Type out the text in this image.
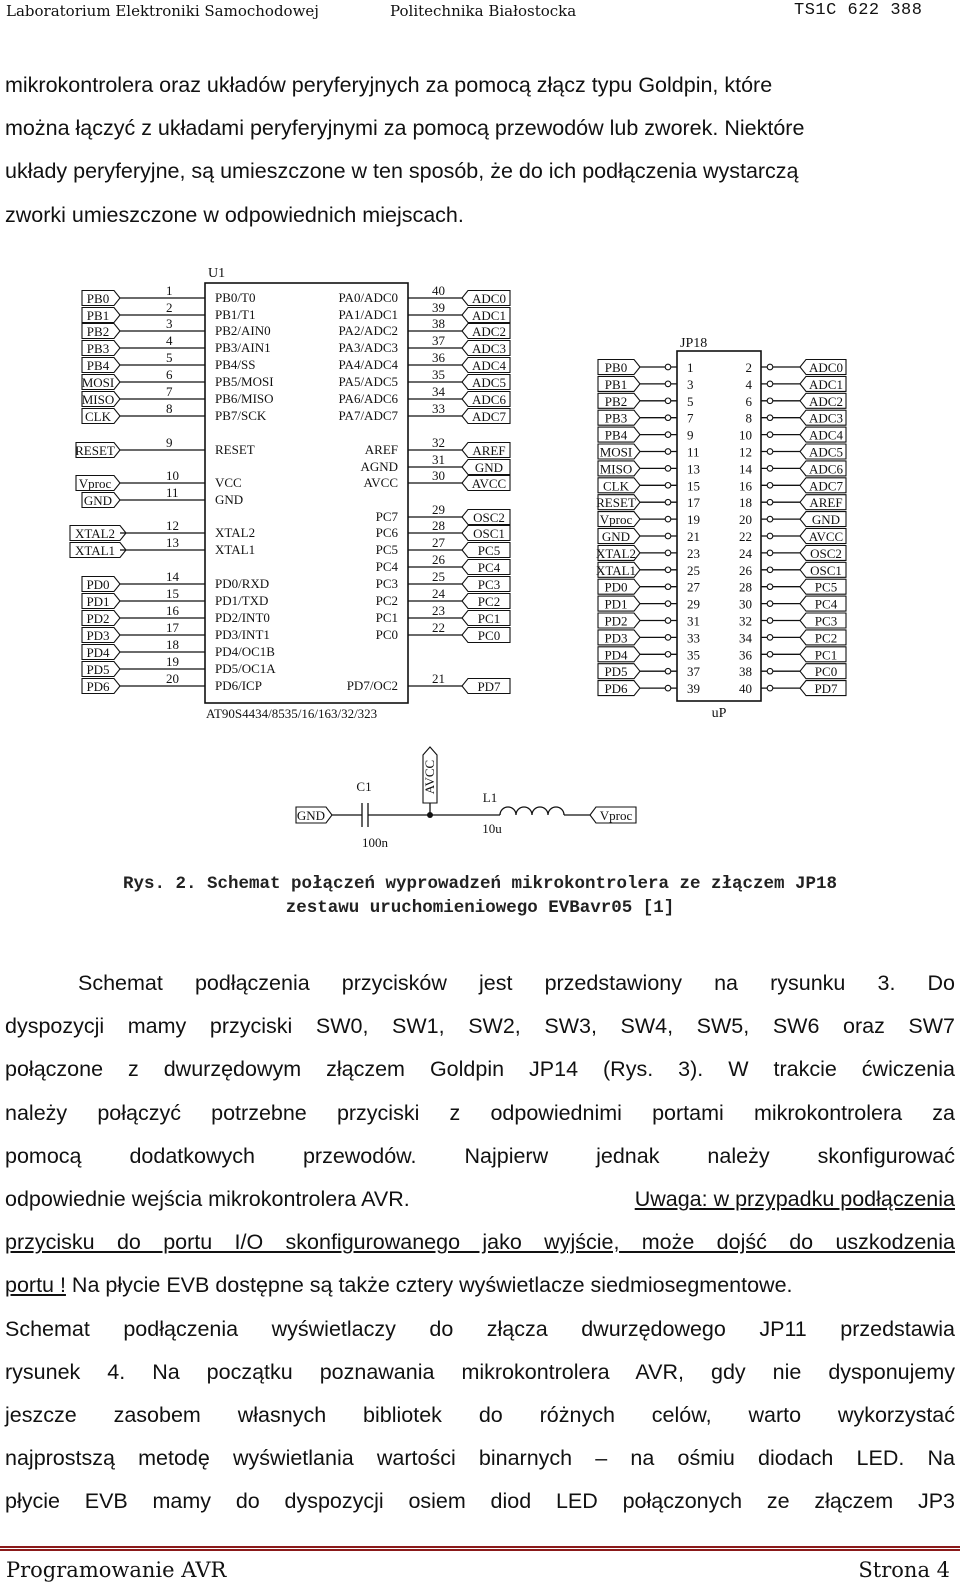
Laboratorium Elektroniki Samochodowej	Politechnika Białostocka	TS1C 622 388
mikrokontrolera oraz układów peryferyjnych za pomocą złącz typu Goldpin, które
można łączyć z układami peryferyjnymi za pomocą przewodów lub zworek. Niektóre
układy peryferyjne, są umieszczone w ten sposób, że do ich podłączenia wystarczą
zworki umieszczone w odpowiednich miejscach.
U1
AT90S4434/8535/16/163/32/323
1	PB0/T0
PB0
2	PB1/T1
PB1
3	PB2/AIN0
PB2
4	PB3/AIN1
PB3
5	PB4/SS
PB4
6	PB5/MOSI
MOSI
7	PB6/MISO
MISO
8	PB7/SCK
CLK
9	RESET
RESET
10	VCC
Vproc
11	GND
GND
12	XTAL2
XTAL2
13	XTAL1
XTAL1
14	PD0/RXD
PD0
15	PD1/TXD
PD1
16	PD2/INT0
PD2
17	PD3/INT1
PD3
18	PD4/OC1B
PD4
19	PD5/OC1A
PD5
20	PD6/ICP
PD6
40
PA0/ADC0	ADC0
39
PA1/ADC1	ADC1
38
PA2/ADC2	ADC2
37
PA3/ADC3	ADC3
36
PA4/ADC4	ADC4
35
PA5/ADC5	ADC5
34
PA6/ADC6	ADC6
33
PA7/ADC7	ADC7
32
AREF	AREF
31
AGND	GND
30
AVCC	AVCC
29
PC7	OSC2
28
PC6	OSC1
27
PC5	PC5
26
PC4	PC4
25
PC3	PC3
24
PC2	PC2
23
PC1	PC1
22
PC0	PC0
21
PD7/OC2	PD7
JP18
uP
PB0	1	2	ADC0
PB1	3	4	ADC1
PB2	5	6	ADC2
PB3	7	8	ADC3
PB4	9	10	ADC4
MOSI	11	12	ADC5
MISO	13	14	ADC6
CLK	15	16	ADC7
RESET	17	18	AREF
Vproc	19	20	GND
GND	21	22	AVCC
XTAL2	23	24	OSC2
XTAL1	25	26	OSC1
PD0	27	28	PC5
PD1	29	30	PC4
PD2	31	32	PC3
PD3	33	34	PC2
PD4	35	36	PC1
PD5	37	38	PC0
PD6	39	40	PD7
GND
C1
100n
AVCC
L1
10u
Vproc
Rys. 2. Schemat połączeń wyprowadzeń mikrokontrolera ze złączem JP18
zestawu uruchomieniowego EVBavr05 [1]
Schemat podłączenia przycisków jest przedstawiony na rysunku 3. Do
dyspozycji mamy przyciski SW0, SW1, SW2, SW3, SW4, SW5, SW6 oraz SW7
połączone z dwurzędowym złączem Goldpin JP14 (Rys. 3). W trakcie ćwiczenia
należy połączyć potrzebne przyciski z odpowiednimi portami mikrokontrolera za
pomocą dodatkowych przewodów. Najpierw jednak należy skonfigurować
odpowiednie wejścia mikrokontrolera AVR.	Uwaga: w przypadku podłączenia
przycisku do portu I/O skonfigurowanego jako wyjście, może dojść do uszkodzenia
portu ! Na płycie EVB dostępne są także cztery wyświetlacze siedmiosegmentowe.
Schemat podłączenia wyświetlaczy do złącza dwurzędowego JP11 przedstawia
rysunek 4. Na początku poznawania mikrokontrolera AVR, gdy nie dysponujemy
jeszcze zasobem własnych bibliotek do różnych celów, warto wykorzystać
najprostszą metodę wyświetlania wartości binarnych – na ośmiu diodach LED. Na
płycie EVB mamy do dyspozycji osiem diod LED połączonych ze złączem JP3
Programowanie AVR	Strona 4
